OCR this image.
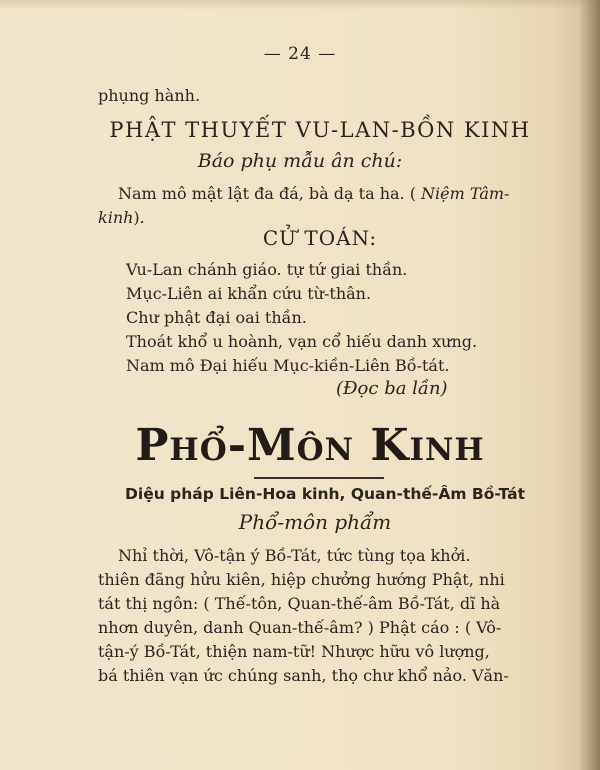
— 24 —
phụng hành.
PHẬT THUYẾT VU-LAN-BỒN KINH
Báo phụ mẫu ân chú:
Nam mô mật lật đa đá, bà dạ ta ha. ( Niệm Tâm-
kinh).
CỬ TOÁN:
Vu-Lan chánh giáo. tự tứ giai thần.
Mục-Liên ai khẩn cứu từ-thân.
Chư phật đại oai thần.
Thoát khổ u hoành, vạn cổ hiếu danh xưng.
Nam mô Đại hiếu Mục-kiền-Liên Bồ-tát.
(Đọc ba lần)
Phổ-Môn Kinh
Diệu pháp Liên-Hoa kinh, Quan-thế-Âm Bồ-Tát
Phổ-môn phẩm
Nhỉ thời, Vô-tận ý Bồ-Tát, tức tùng tọa khởi.
thiên đãng hửu kiên, hiệp chưởng hướng Phật, nhi
tát thị ngôn: ( Thế-tôn, Quan-thế-âm Bồ-Tát, dĩ hà
nhơn duyên, danh Quan-thế-âm? ) Phật cáo : ( Vô-
tận-ý Bồ-Tát, thiện nam-tữ! Nhược hữu vô lượng,
bá thiên vạn ức chúng sanh, thọ chư khổ nảo. Văn-
